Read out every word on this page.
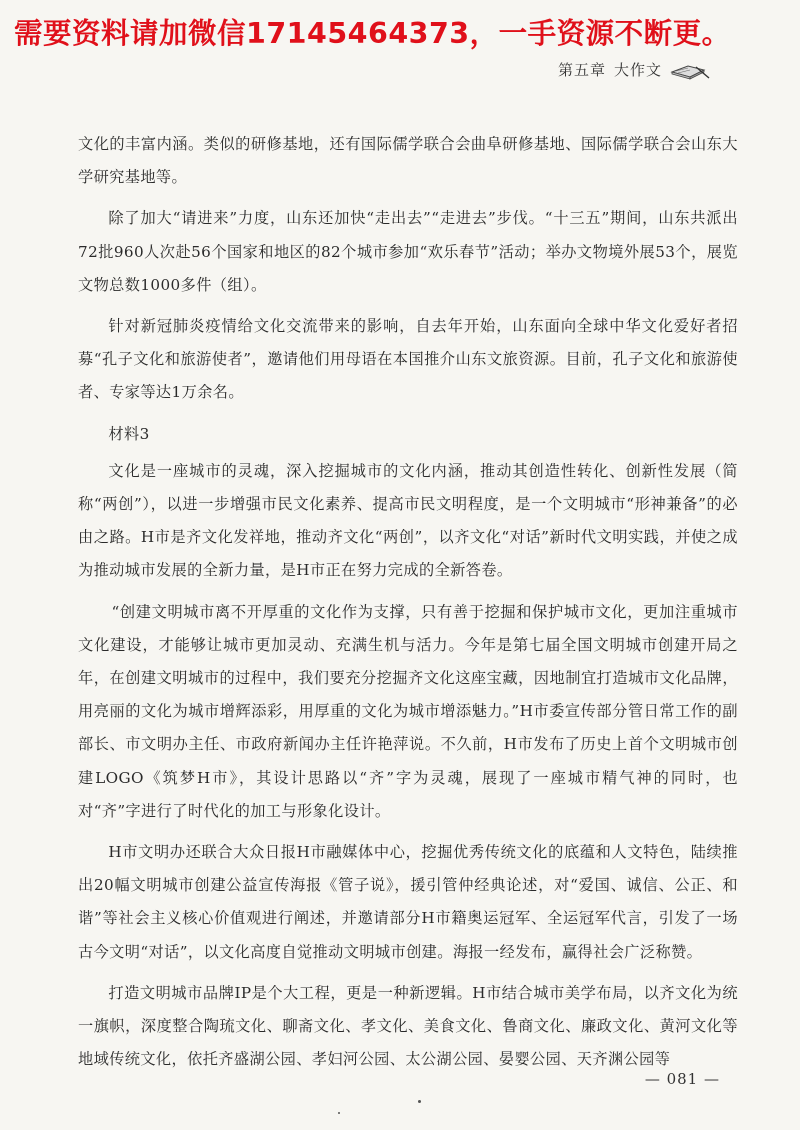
需要资料请加微信17145464373，一手资源不断更。
第五章 大作文

文化的丰富内涵。类似的研修基地，还有国际儒学联合会曲阜研修基地、国际儒学联合会山东大学研究基地等。

除了加大“请进来”力度，山东还加快“走出去”“走进去”步伐。“十三五”期间，山东共派出72批960人次赴56个国家和地区的82个城市参加“欢乐春节”活动；举办文物境外展53个，展览文物总数1000多件（组）。

针对新冠肺炎疫情给文化交流带来的影响，自去年开始，山东面向全球中华文化爱好者招募“孔子文化和旅游使者”，邀请他们用母语在本国推介山东文旅资源。目前，孔子文化和旅游使者、专家等达1万余名。

材料3

文化是一座城市的灵魂，深入挖掘城市的文化内涵，推动其创造性转化、创新性发展（简称“两创”），以进一步增强市民文化素养、提高市民文明程度，是一个文明城市“形神兼备”的必由之路。H市是齐文化发祥地，推动齐文化“两创”，以齐文化“对话”新时代文明实践，并使之成为推动城市发展的全新力量，是H市正在努力完成的全新答卷。

“创建文明城市离不开厚重的文化作为支撑，只有善于挖掘和保护城市文化，更加注重城市文化建设，才能够让城市更加灵动、充满生机与活力。今年是第七届全国文明城市创建开局之年，在创建文明城市的过程中，我们要充分挖掘齐文化这座宝藏，因地制宜打造城市文化品牌，用亮丽的文化为城市增辉添彩，用厚重的文化为城市增添魅力。”H市委宣传部分管日常工作的副部长、市文明办主任、市政府新闻办主任许艳萍说。不久前，H市发布了历史上首个文明城市创建LOGO《筑梦H市》，其设计思路以“齐”字为灵魂，展现了一座城市精气神的同时，也对“齐”字进行了时代化的加工与形象化设计。

H市文明办还联合大众日报H市融媒体中心，挖掘优秀传统文化的底蕴和人文特色，陆续推出20幅文明城市创建公益宣传海报《管子说》，援引管仲经典论述，对“爱国、诚信、公正、和谐”等社会主义核心价值观进行阐述，并邀请部分H市籍奥运冠军、全运冠军代言，引发了一场古今文明“对话”，以文化高度自觉推动文明城市创建。海报一经发布，赢得社会广泛称赞。

打造文明城市品牌IP是个大工程，更是一种新逻辑。H市结合城市美学布局，以齐文化为统一旗帜，深度整合陶琉文化、聊斋文化、孝文化、美食文化、鲁商文化、廉政文化、黄河文化等地域传统文化，依托齐盛湖公园、孝妇河公园、太公湖公园、晏婴公园、天齐渊公园等

— 081 —
